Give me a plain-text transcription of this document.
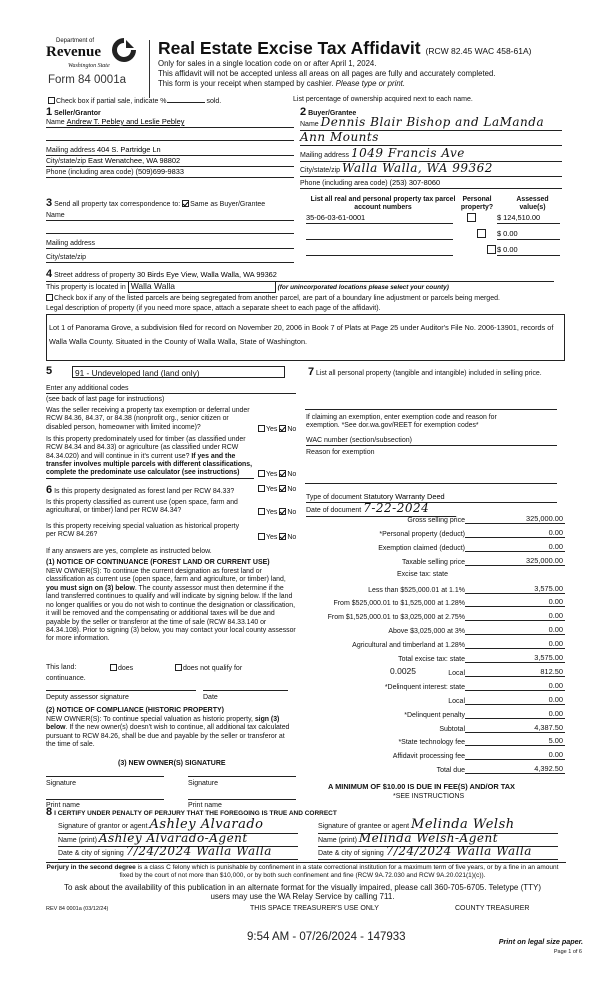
Department of
Revenue
Washington State
Form 84 0001a
Real Estate Excise Tax Affidavit (RCW 82.45 WAC 458-61A)
Only for sales in a single location code on or after April 1, 2024.
This affidavit will not be accepted unless all areas on all pages are fully and accurately completed.
This form is your receipt when stamped by cashier. Please type or print.
Check box if partial sale, indicate %	sold.	List percentage of ownership acquired next to each name.
1 Seller/Grantor
Name Andrew T. Pebley and Leslie Pebley
Mailing address 404 S. Partridge Ln
City/state/zip East Wenatchee, WA 98802
Phone (including area code) (509)699-9833
2 Buyer/Grantee
Name Dennis Blair Bishop and LaManda
Ann Mounts
Mailing address 1049 Francis Ave
City/state/zip Walla Walla, WA 99362
Phone (including area code) (253) 307-8060
3 Send all property tax correspondence to: Same as Buyer/Grantee
Name
Mailing address
City/state/zip
List all real and personal property tax parcel account numbers
Personal property?
Assessed value(s)
35-06-03-61-0001	$ 124,510.00
$ 0.00
$ 0.00
4 Street address of property 30 Birds Eye View, Walla Walla, WA 99362
This property is located in Walla Walla	(for unincorporated locations please select your county)
Check box if any of the listed parcels are being segregated from another parcel, are part of a boundary line adjustment or parcels being merged.
Legal description of property (if you need more space, attach a separate sheet to each page of the affidavit).
Lot 1 of Panorama Grove, a subdivision filed for record on November 20, 2006 in Book 7 of Plats at Page 25 under Auditor's File No. 2006-13901, records of Walla Walla County. Situated in the County of Walla Walla, State of Washington.
5	91 - Undeveloped land (land only)
Enter any additional codes
(see back of last page for instructions)
Was the seller receiving a property tax exemption or deferral under RCW 84.36, 84.37, or 84.38 (nonprofit org., senior citizen or disabled person, homeowner with limited income)?	Yes No
Is this property predominately used for timber (as classified under RCW 84.34 and 84.33) or agriculture (as classified under RCW 84.34.020) and will continue in it's current use? If yes and the transfer involves multiple parcels with different classifications, complete the predominate use calculator (see instructions)	Yes No
6 Is this property designated as forest land per RCW 84.33?	Yes No
Is this property classified as current use (open space, farm and agricultural, or timber) land per RCW 84.34?	Yes No
Is this property receiving special valuation as historical property per RCW 84.26?	Yes No
If any answers are yes, complete as instructed below.
(1) NOTICE OF CONTINUANCE (FOREST LAND OR CURRENT USE)
NEW OWNER(S): To continue the current designation as forest land or classification as current use (open space, farm and agriculture, or timber) land, you must sign on (3) below. The county assessor must then determine if the land transferred continues to qualify and will indicate by signing below. If the land no longer qualifies or you do not wish to continue the designation or classification, it will be removed and the compensating or additional taxes will be due and payable by the seller or transferor at the time of sale (RCW 84.33.140 or 84.34.108). Prior to signing (3) below, you may contact your local county assessor for more information.
This land:	does	does not qualify for
continuance.
Deputy assessor signature	Date
(2) NOTICE OF COMPLIANCE (HISTORIC PROPERTY)
NEW OWNER(S): To continue special valuation as historic property, sign (3) below. If the new owner(s) doesn't wish to continue, all additional tax calculated pursuant to RCW 84.26, shall be due and payable by the seller or transferor at the time of sale.
(3) NEW OWNER(S) SIGNATURE
Signature	Signature
Print name	Print name
7 List all personal property (tangible and intangible) included in selling price.
If claiming an exemption, enter exemption code and reason for exemption. *See dor.wa.gov/REET for exemption codes*
WAC number (section/subsection)
Reason for exemption
Type of document Statutory Warranty Deed
Date of document 7-22-2024
Gross selling price	325,000.00
*Personal property (deduct)	0.00
Exemption claimed (deduct)	0.00
Taxable selling price	325,000.00
Excise tax: state
Less than $525,000.01 at 1.1%	3,575.00
From $525,000.01 to $1,525,000 at 1.28%	0.00
From $1,525,000.01 to $3,025,000 at 2.75%	0.00
Above $3,025,000 at 3%	0.00
Agricultural and timberland at 1.28%	0.00
Total excise tax: state	3,575.00
Local	812.50
*Delinquent interest: state	0.00
Local	0.00
*Delinquent penalty	0.00
Subtotal	4,387.50
*State technology fee	5.00
Affidavit processing fee	0.00
Total due	4,392.50
0.0025
A MINIMUM OF $10.00 IS DUE IN FEE(S) AND/OR TAX
*SEE INSTRUCTIONS
8 I CERTIFY UNDER PENALTY OF PERJURY THAT THE FOREGOING IS TRUE AND CORRECT
Signature of grantor or agent Ashley Alvarado
Name (print) Ashley Alvarado-Agent
Date & city of signing 7/24/2024 Walla Walla
Signature of grantee or agent Melinda Welsh
Name (print) Melinda Welsh-Agent
Date & city of signing 7/24/2024 Walla Walla
Perjury in the second degree is a class C felony which is punishable by confinement in a state correctional institution for a maximum term of five years, or by a fine in an amount fixed by the court of not more than $10,000, or by both such confinement and fine (RCW 9A.72.030 and RCW 9A.20.021(1)(c)).
To ask about the availability of this publication in an alternate format for the visually impaired, please call 360-705-6705. Teletype (TTY) users may use the WA Relay Service by calling 711.
REV 84 0001a (03/12/24)	THIS SPACE TREASURER'S USE ONLY	COUNTY TREASURER
9:54 AM - 07/26/2024 - 147933	Print on legal size paper.
Page 1 of 6
